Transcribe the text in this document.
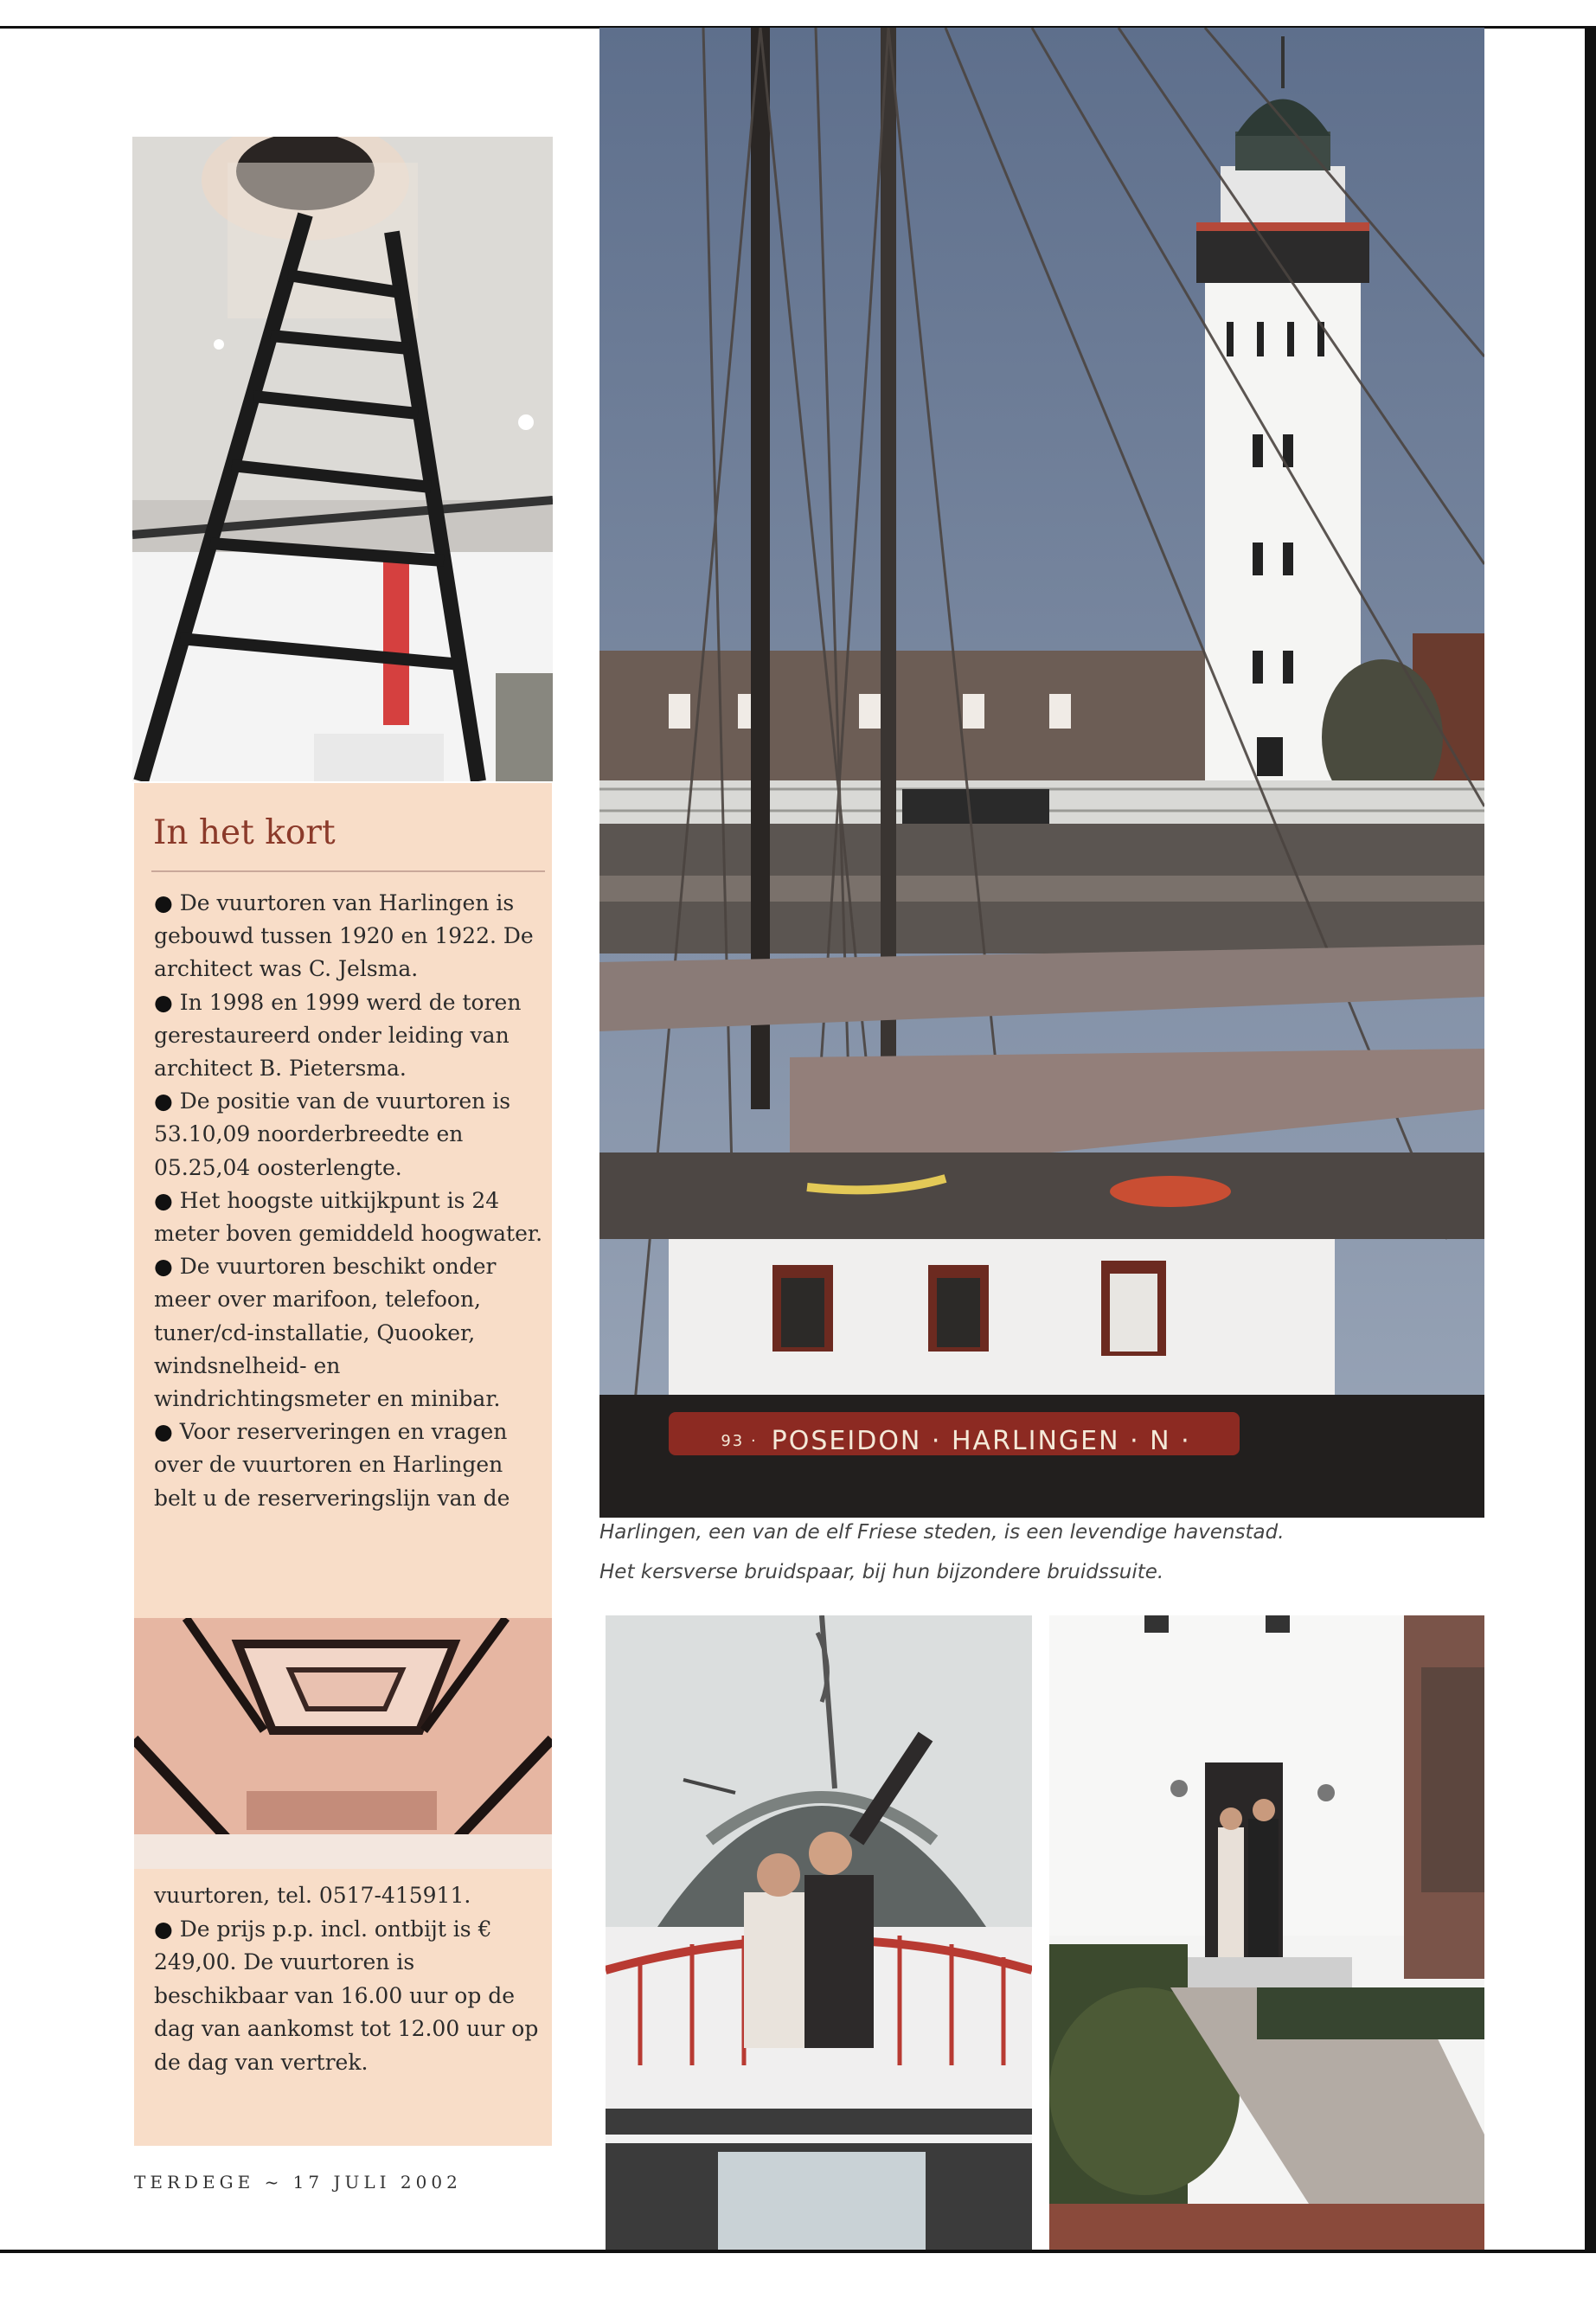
In het kort
● De vuurtoren van Harlingen is gebouwd tussen 1920 en 1922. De architect was C. Jelsma.
● In 1998 en 1999 werd de toren gerestaureerd onder leiding van architect B. Pietersma.
● De positie van de vuurtoren is 53.10,09 noorderbreedte en 05.25,04 oosterlengte.
● Het hoogste uitkijkpunt is 24 meter boven gemiddeld hoogwater.
● De vuurtoren beschikt onder meer over marifoon, telefoon, tuner/cd-installatie, Quooker, windsnelheid- en windrichtingsmeter en minibar.
● Voor reserveringen en vragen over de vuurtoren en Harlingen belt u de reserveringslijn van de
vuurtoren, tel. 0517-415911.
● De prijs p.p. incl. ontbijt is € 249,00. De vuurtoren is beschikbaar van 16.00 uur op de dag van aankomst tot 12.00 uur op de dag van vertrek.
TERDEGE ~ 17 JULI 2002
93 · POSEIDON · HARLINGEN · N ·
Harlingen, een van de elf Friese steden, is een levendige havenstad.
Het kersverse bruidspaar, bij hun bijzondere bruidssuite.
